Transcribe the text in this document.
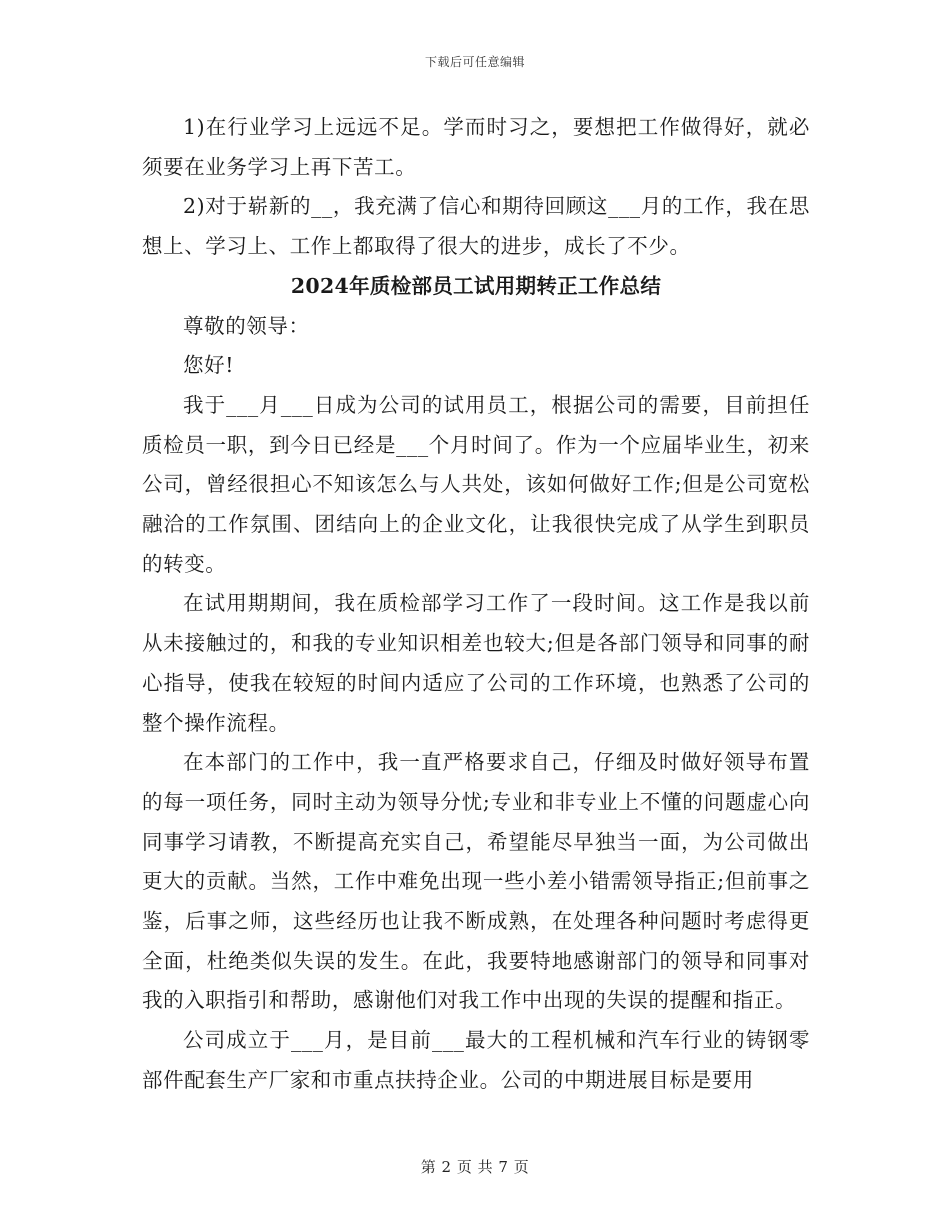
下载后可任意编辑

1)在行业学习上远远不足。学而时习之，要想把工作做得好，就必须要在业务学习上再下苦工。

2)对于崭新的__，我充满了信心和期待回顾这___月的工作，我在思想上、学习上、工作上都取得了很大的进步，成长了不少。

2024年质检部员工试用期转正工作总结

尊敬的领导：

您好!

我于___月___日成为公司的试用员工，根据公司的需要，目前担任质检员一职，到今日已经是___个月时间了。作为一个应届毕业生，初来公司，曾经很担心不知该怎么与人共处，该如何做好工作;但是公司宽松融洽的工作氛围、团结向上的企业文化，让我很快完成了从学生到职员的转变。

在试用期期间，我在质检部学习工作了一段时间。这工作是我以前从未接触过的，和我的专业知识相差也较大;但是各部门领导和同事的耐心指导，使我在较短的时间内适应了公司的工作环境，也熟悉了公司的整个操作流程。

在本部门的工作中，我一直严格要求自己，仔细及时做好领导布置的每一项任务，同时主动为领导分忧;专业和非专业上不懂的问题虚心向同事学习请教，不断提高充实自己，希望能尽早独当一面，为公司做出更大的贡献。当然，工作中难免出现一些小差小错需领导指正;但前事之鉴，后事之师，这些经历也让我不断成熟，在处理各种问题时考虑得更全面，杜绝类似失误的发生。在此，我要特地感谢部门的领导和同事对我的入职指引和帮助，感谢他们对我工作中出现的失误的提醒和指正。

公司成立于___月，是目前___最大的工程机械和汽车行业的铸钢零部件配套生产厂家和市重点扶持企业。公司的中期进展目标是要用

第 2 页 共 7 页
